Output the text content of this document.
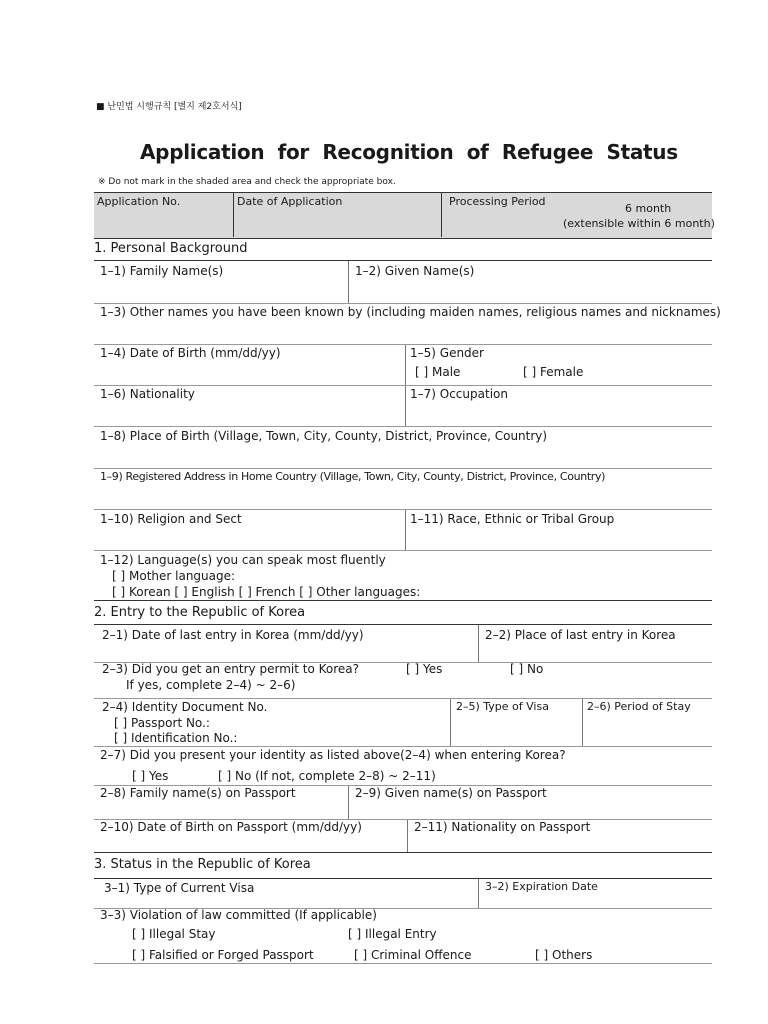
■ 난민법 시행규칙 [별지 제2호서식]
Application  for  Recognition  of  Refugee  Status
※ Do not mark in the shaded area and check the appropriate box.
Application No.	Date of Application	Processing Period
6 month
(extensible within 6 month)
1. Personal Background
1–1) Family Name(s)	1–2) Given Name(s)
1–3) Other names you have been known by (including maiden names, religious names and nicknames)
1–4) Date of Birth (mm/dd/yy)	1–5) Gender
[ ] Male	[ ] Female
1–6) Nationality	1–7) Occupation
1–8) Place of Birth (Village, Town, City, County, District, Province, Country)
1–9) Registered Address in Home Country (Village, Town, City, County, District, Province, Country)
1–10) Religion and Sect	1–11) Race, Ethnic or Tribal Group
1–12) Language(s) you can speak most fluently
[ ] Mother language:
[ ] Korean [ ] English [ ] French [ ] Other languages:
2. Entry to the Republic of Korea
2–1) Date of last entry in Korea (mm/dd/yy)	2–2) Place of last entry in Korea
2–3) Did you get an entry permit to Korea?	[ ] Yes	[ ] No
If yes, complete 2–4) ~ 2–6)
2–4) Identity Document No.
[ ] Passport No.:
[ ] Identification No.:
2–5) Type of Visa	2–6) Period of Stay
2–7) Did you present your identity as listed above(2–4) when entering Korea?
[ ] Yes	[ ] No (If not, complete 2–8) ~ 2–11)
2–8) Family name(s) on Passport	2–9) Given name(s) on Passport
2–10) Date of Birth on Passport (mm/dd/yy)	2–11) Nationality on Passport
3. Status in the Republic of Korea
3–1) Type of Current Visa	3–2) Expiration Date
3–3) Violation of law committed (If applicable)
[ ] Illegal Stay	[ ] Illegal Entry
[ ] Falsified or Forged Passport	[ ] Criminal Offence	[ ] Others
